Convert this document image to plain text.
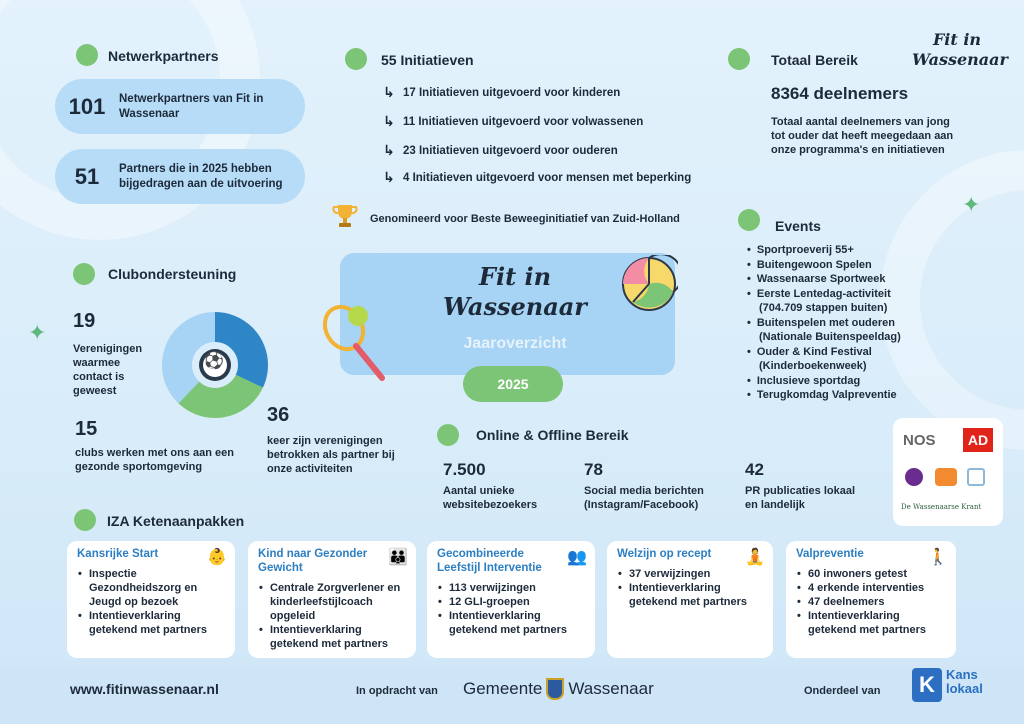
Netwerkpartners
101	Netwerkpartners van Fit in Wassenaar
51	Partners die in 2025 hebben bijgedragen aan de uitvoering
55 Initiatieven
↳ 17 Initiatieven uitgevoerd voor kinderen
↳ 11 Initiatieven uitgevoerd voor volwassenen
↳ 23 Initiatieven uitgevoerd voor ouderen
↳ 4 Initiatieven uitgevoerd voor mensen met beperking
Genomineerd voor Beste Beweeginitiatief van Zuid-Holland
Totaal Bereik
8364 deelnemers
Totaal aantal deelnemers van jong tot ouder dat heeft meegedaan aan onze programma's en initiatieven
Fit in
Wassenaar
✦
✦
Events
• Sportproeverij 55+
• Buitengewoon Spelen
• Wassenaarse Sportweek
• Eerste Lentedag-activiteit
(704.709 stappen buiten)
• Buitenspelen met ouderen
(Nationale Buitenspeeldag)
• Ouder & Kind Festival
(Kinderboekenweek)
• Inclusieve sportdag
• Terugkomdag Valpreventie
Fit in
Wassenaar
Jaaroverzicht
2025
Clubondersteuning
19
Verenigingen waarmee contact is geweest
⚽
15
clubs werken met ons aan een gezonde sportomgeving
36
keer zijn verenigingen betrokken als partner bij onze activiteiten
Online & Offline Bereik
7.500
Aantal unieke websitebezoekers
78
Social media berichten (Instagram/Facebook)
42
PR publicaties lokaal en landelijk
NOS	AD
De Wassenaarse Krant
IZA Ketenaanpakken
Kansrijke Start	👶
• Inspectie Gezondheidszorg en Jeugd op bezoek
• Intentieverklaring getekend met partners
Kind naar Gezonder Gewicht
👪
• Centrale Zorgverlener en kinderleefstijlcoach opgeleid
• Intentieverklaring getekend met partners
Gecombineerde Leefstijl Interventie
👥
• 113 verwijzingen
• 12 GLI-groepen
• Intentieverklaring getekend met partners
Welzijn op recept	🧘
• 37 verwijzingen
• Intentieverklaring getekend met partners
Valpreventie	🚶
• 60 inwoners getest
• 4 erkende interventies
• 47 deelnemers
• Intentieverklaring getekend met partners
www.fitinwassenaar.nl	In opdracht van Gemeente Wassenaar	Onderdeel van	K Kans
lokaal
